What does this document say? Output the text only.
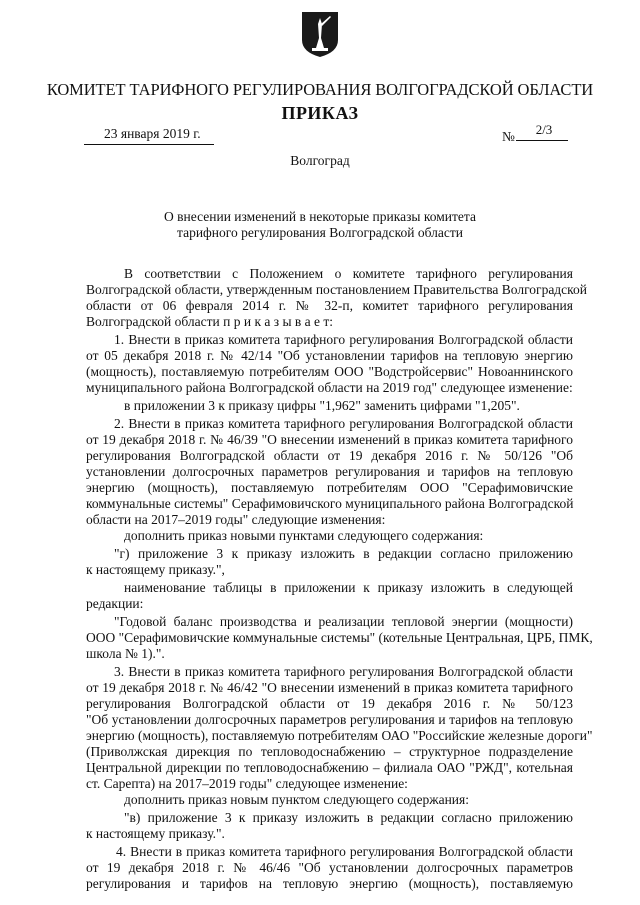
КОМИТЕТ ТАРИФНОГО РЕГУЛИРОВАНИЯ ВОЛГОГРАДСКОЙ ОБЛАСТИ
ПРИКАЗ
23 января 2019 г.	№	2/3
Волгоград
О внесении изменений в некоторые приказы комитета
тарифного регулирования Волгоградской области
В соответствии с Положением о комитете тарифного регулирования
Волгоградской области, утвержденным постановлением Правительства Волгоградской
области от 06 февраля 2014 г. № 32-п, комитет тарифного регулирования
Волгоградской области п р и к а з ы в а е т:
1. Внести в приказ комитета тарифного регулирования Волгоградской области
от 05 декабря 2018 г. № 42/14 "Об установлении тарифов на тепловую энергию
(мощность), поставляемую потребителям ООО "Водстройсервис" Новоаннинского
муниципального района Волгоградской области на 2019 год" следующее изменение:
в приложении 3 к приказу цифры "1,962" заменить цифрами "1,205".
2. Внести в приказ комитета тарифного регулирования Волгоградской области
от 19 декабря 2018 г. № 46/39 "О внесении изменений в приказ комитета тарифного
регулирования Волгоградской области от 19 декабря 2016 г. № 50/126 "Об
установлении долгосрочных параметров регулирования и тарифов на тепловую
энергию (мощность), поставляемую потребителям ООО "Серафимовичские
коммунальные системы" Серафимовичского муниципального района Волгоградской
области на 2017–2019 годы" следующие изменения:
дополнить приказ новыми пунктами следующего содержания:
"г) приложение 3 к приказу изложить в редакции согласно приложению
к настоящему приказу.",
наименование таблицы в приложении к приказу изложить в следующей
редакции:
"Годовой баланс производства и реализации тепловой энергии (мощности)
ООО "Серафимовичские коммунальные системы" (котельные Центральная, ЦРБ, ПМК,
школа № 1).".
3. Внести в приказ комитета тарифного регулирования Волгоградской области
от 19 декабря 2018 г. № 46/42 "О внесении изменений в приказ комитета тарифного
регулирования Волгоградской области от 19 декабря 2016 г. № 50/123
"Об установлении долгосрочных параметров регулирования и тарифов на тепловую
энергию (мощность), поставляемую потребителям ОАО "Российские железные дороги"
(Приволжская дирекция по тепловодоснабжению – структурное подразделение
Центральной дирекции по тепловодоснабжению – филиала ОАО "РЖД", котельная
ст. Сарепта) на 2017–2019 годы" следующее изменение:
дополнить приказ новым пунктом следующего содержания:
"в) приложение 3 к приказу изложить в редакции согласно приложению
к настоящему приказу.".
4. Внести в приказ комитета тарифного регулирования Волгоградской области
от 19 декабря 2018 г. № 46/46 "Об установлении долгосрочных параметров
регулирования и тарифов на тепловую энергию (мощность), поставляемую
